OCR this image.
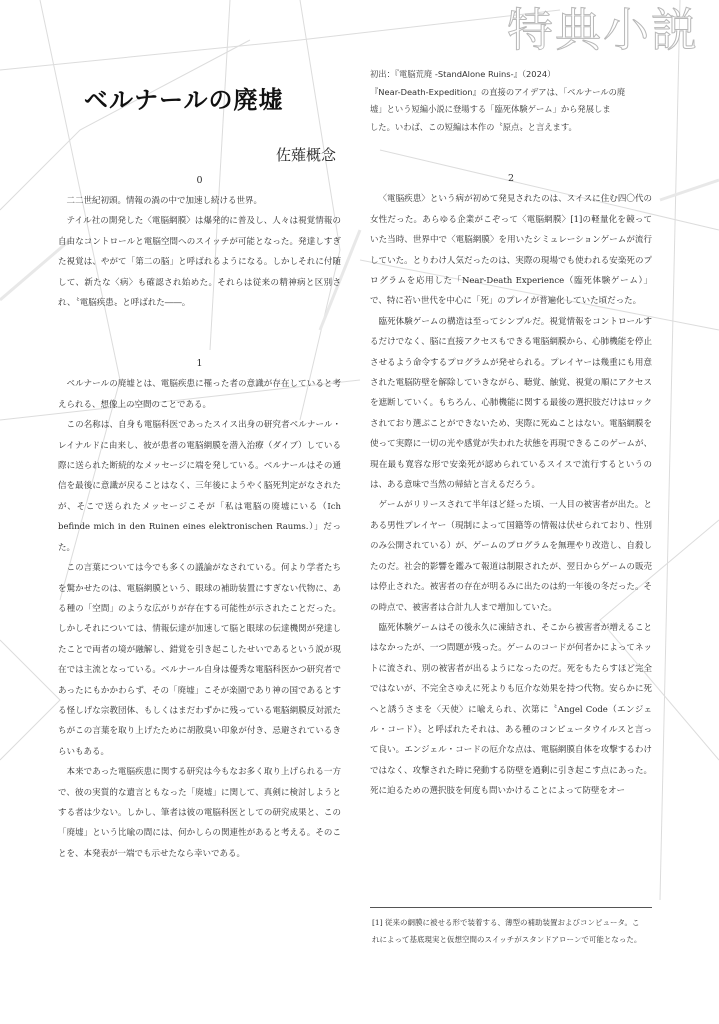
特典小説
ベルナールの廃墟
佐薙概念
0

二二世紀初頭。情報の渦の中で加速し続ける世界。

テイル社の開発した〈電脳網膜〉は爆発的に普及し、人々は視覚情報の自由なコントロールと電脳空間へのスイッチが可能となった。発達しすぎた視覚は、やがて「第二の脳」と呼ばれるようになる。しかしそれに付随して、新たな〈病〉も確認され始めた。それらは従来の精神病と区別され、〝電脳疾患〟と呼ばれた――。

1

ベルナールの廃墟とは、電脳疾患に罹った者の意識が存在していると考えられる、想像上の空間のことである。

この名称は、自身も電脳科医であったスイス出身の研究者ベルナール・レイナルドに由来し、彼が患者の電脳網膜を潜入治療（ダイブ）している際に送られた断続的なメッセージに端を発している。ベルナールはその通信を最後に意識が戻ることはなく、三年後にようやく脳死判定がなされたが、そこで送られたメッセージこそが「私は電脳の廃墟にいる（Ich befinde mich in den Ruinen eines elektronischen Raums.）」だった。

この言葉については今でも多くの議論がなされている。何より学者たちを驚かせたのは、電脳網膜という、眼球の補助装置にすぎない代物に、ある種の「空間」のような広がりが存在する可能性が示されたことだった。しかしそれについては、情報伝達が加速して脳と眼球の伝達機関が発達したことで両者の境が融解し、錯覚を引き起こしたせいであるという説が現在では主流となっている。ベルナール自身は優秀な電脳科医かつ研究者であったにもかかわらず、その「廃墟」こそが楽園であり神の国であるとする怪しげな宗教団体、もしくはまだわずかに残っている電脳網膜反対派たちがこの言葉を取り上げたために胡散臭い印象が付き、忌避されているきらいもある。

本来であった電脳疾患に関する研究は今もなお多く取り上げられる一方で、彼の実質的な遺言ともなった「廃墟」に関して、真剣に検討しようとする者は少ない。しかし、筆者は彼の電脳科医としての研究成果と、この「廃墟」という比喩の間には、何かしらの関連性があると考える。そのことを、本発表が一端でも示せたなら幸いである。

初出：『電脳荒廃 -StandAlone Ruins-』（2024）

『Near-Death-Expedition』の直接のアイデアは、「ベルナールの廃

墟」という短編小説に登場する「臨死体験ゲーム」から発展しま

した。いわば、この短編は本作の〝原点〟と言えます。

2

〈電脳疾患〉という病が初めて発見されたのは、スイスに住む四〇代の女性だった。あらゆる企業がこぞって〈電脳網膜〉[1]の軽量化を競っていた当時、世界中で〈電脳網膜〉を用いたシミュレーションゲームが流行していた。とりわけ人気だったのは、実際の現場でも使われる安楽死のプログラムを応用した「Near-Death Experience（臨死体験ゲーム）」で、特に若い世代を中心に「死」のプレイが普遍化していた頃だった。

臨死体験ゲームの構造は至ってシンプルだ。視覚情報をコントロールするだけでなく、脳に直接アクセスもできる電脳網膜から、心肺機能を停止させるよう命令するプログラムが発せられる。プレイヤーは幾重にも用意された電脳防壁を解除していきながら、聴覚、触覚、視覚の順にアクセスを遮断していく。もちろん、心肺機能に関する最後の選択肢だけはロックされており選ぶことができないため、実際に死ぬことはない。電脳網膜を使って実際に一切の光や感覚が失われた状態を再現できるこのゲームが、現在最も寛容な形で安楽死が認められているスイスで流行するというのは、ある意味で当然の帰結と言えるだろう。

ゲームがリリースされて半年ほど経った頃、一人目の被害者が出た。とある男性プレイヤー（現制によって国籍等の情報は伏せられており、性別のみ公開されている）が、ゲームのプログラムを無理やり改造し、自殺したのだ。社会的影響を鑑みて報道は制限されたが、翌日からゲームの販売は停止された。被害者の存在が明るみに出たのは約一年後の冬だった。その時点で、被害者は合計九人まで増加していた。

臨死体験ゲームはその後永久に凍結され、そこから被害者が増えることはなかったが、一つ問題が残った。ゲームのコードが何者かによってネットに流され、別の被害者が出るようになったのだ。死をもたらすほど完全ではないが、不完全さゆえに死よりも厄介な効果を持つ代物。安らかに死へと誘うさまを〈天使〉に喩えられ、次第に〝Angel Code（エンジェル・コード）〟と呼ばれたそれは、ある種のコンピュータウイルスと言って良い。エンジェル・コードの厄介な点は、電脳網膜自体を攻撃するわけではなく、攻撃された時に発動する防壁を過剰に引き起こす点にあった。死に迫るための選択肢を何度も問いかけることによって防壁をオー

[1] 従来の網膜に被せる形で装着する、薄型の補助装置およびコンピュータ。これによって基底現実と仮想空間のスイッチがスタンドアローンで可能となった。
